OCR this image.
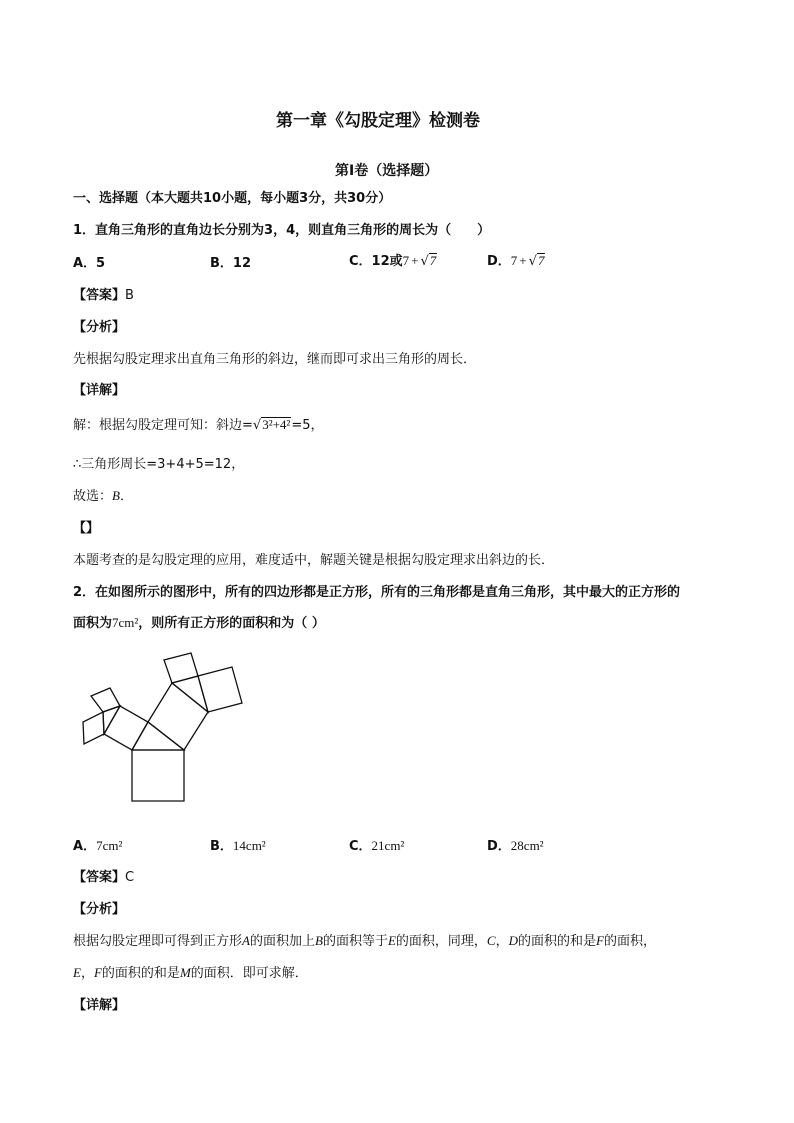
第一章《勾股定理》检测卷
第Ⅰ卷（选择题）
一、选择题（本大题共10小题，每小题3分，共30分）
1．直角三角形的直角边长分别为3，4，则直角三角形的周长为（　　）
A．5	B．12	C．12或7 + √7	D．7 + √7
【答案】B
【分析】
先根据勾股定理求出直角三角形的斜边，继而即可求出三角形的周长．
【详解】
解：根据勾股定理可知：斜边=√3²+4²=5，
∴三角形周长=3+4+5=12，
故选：B．
【】
本题考查的是勾股定理的应用，难度适中，解题关键是根据勾股定理求出斜边的长．
2．在如图所示的图形中，所有的四边形都是正方形，所有的三角形都是直角三角形，其中最大的正方形的
面积为7cm²，则所有正方形的面积和为（ ）
A．7cm²	B．14cm²	C．21cm²	D．28cm²
【答案】C
【分析】
根据勾股定理即可得到正方形A的面积加上B的面积等于E的面积，同理，C，D的面积的和是F的面积，
E，F的面积的和是M的面积．即可求解．
【详解】
